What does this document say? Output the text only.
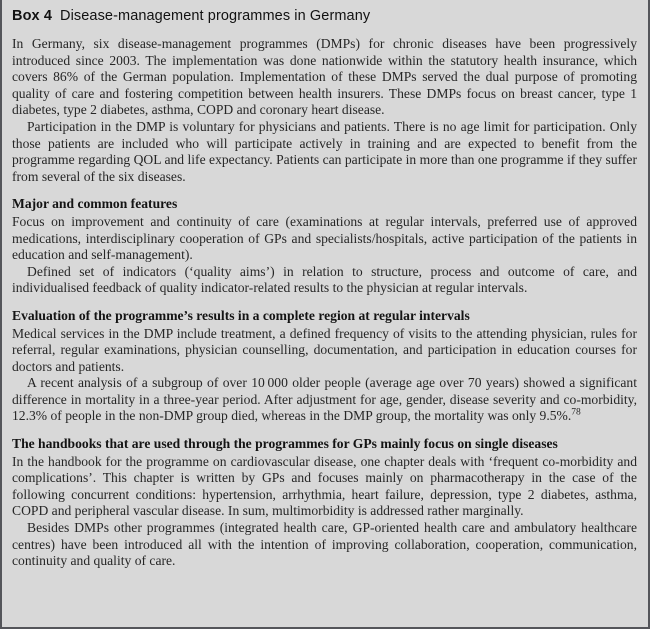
Box 4 Disease-management programmes in Germany

In Germany, six disease-management programmes (DMPs) for chronic diseases have been progressively introduced since 2003. The implementation was done nationwide within the statutory health insurance, which covers 86% of the German population. Implementation of these DMPs served the dual purpose of promoting quality of care and fostering competition between health insurers. These DMPs focus on breast cancer, type 1 diabetes, type 2 diabetes, asthma, COPD and coronary heart disease.

Participation in the DMP is voluntary for physicians and patients. There is no age limit for participation. Only those patients are included who will participate actively in training and are expected to benefit from the programme regarding QOL and life expectancy. Patients can participate in more than one programme if they suffer from several of the six diseases.

Major and common features

Focus on improvement and continuity of care (examinations at regular intervals, preferred use of approved medications, interdisciplinary cooperation of GPs and specialists/hospitals, active participation of the patients in education and self-management).

Defined set of indicators (‘quality aims’) in relation to structure, process and outcome of care, and individualised feedback of quality indicator-related results to the physician at regular intervals.

Evaluation of the programme’s results in a complete region at regular intervals

Medical services in the DMP include treatment, a defined frequency of visits to the attending physician, rules for referral, regular examinations, physician counselling, documentation, and participation in education courses for doctors and patients.

A recent analysis of a subgroup of over 10 000 older people (average age over 70 years) showed a significant difference in mortality in a three-year period. After adjustment for age, gender, disease severity and co-morbidity, 12.3% of people in the non-DMP group died, whereas in the DMP group, the mortality was only 9.5%.$^{78}$

The handbooks that are used through the programmes for GPs mainly focus on single diseases

In the handbook for the programme on cardiovascular disease, one chapter deals with ‘frequent co-morbidity and complications’. This chapter is written by GPs and focuses mainly on pharmacotherapy in the case of the following concurrent conditions: hypertension, arrhythmia, heart failure, depression, type 2 diabetes, asthma, COPD and peripheral vascular disease. In sum, multimorbidity is addressed rather marginally.

Besides DMPs other programmes (integrated health care, GP-oriented health care and ambulatory healthcare centres) have been introduced all with the intention of improving collaboration, cooperation, communication, continuity and quality of care.
